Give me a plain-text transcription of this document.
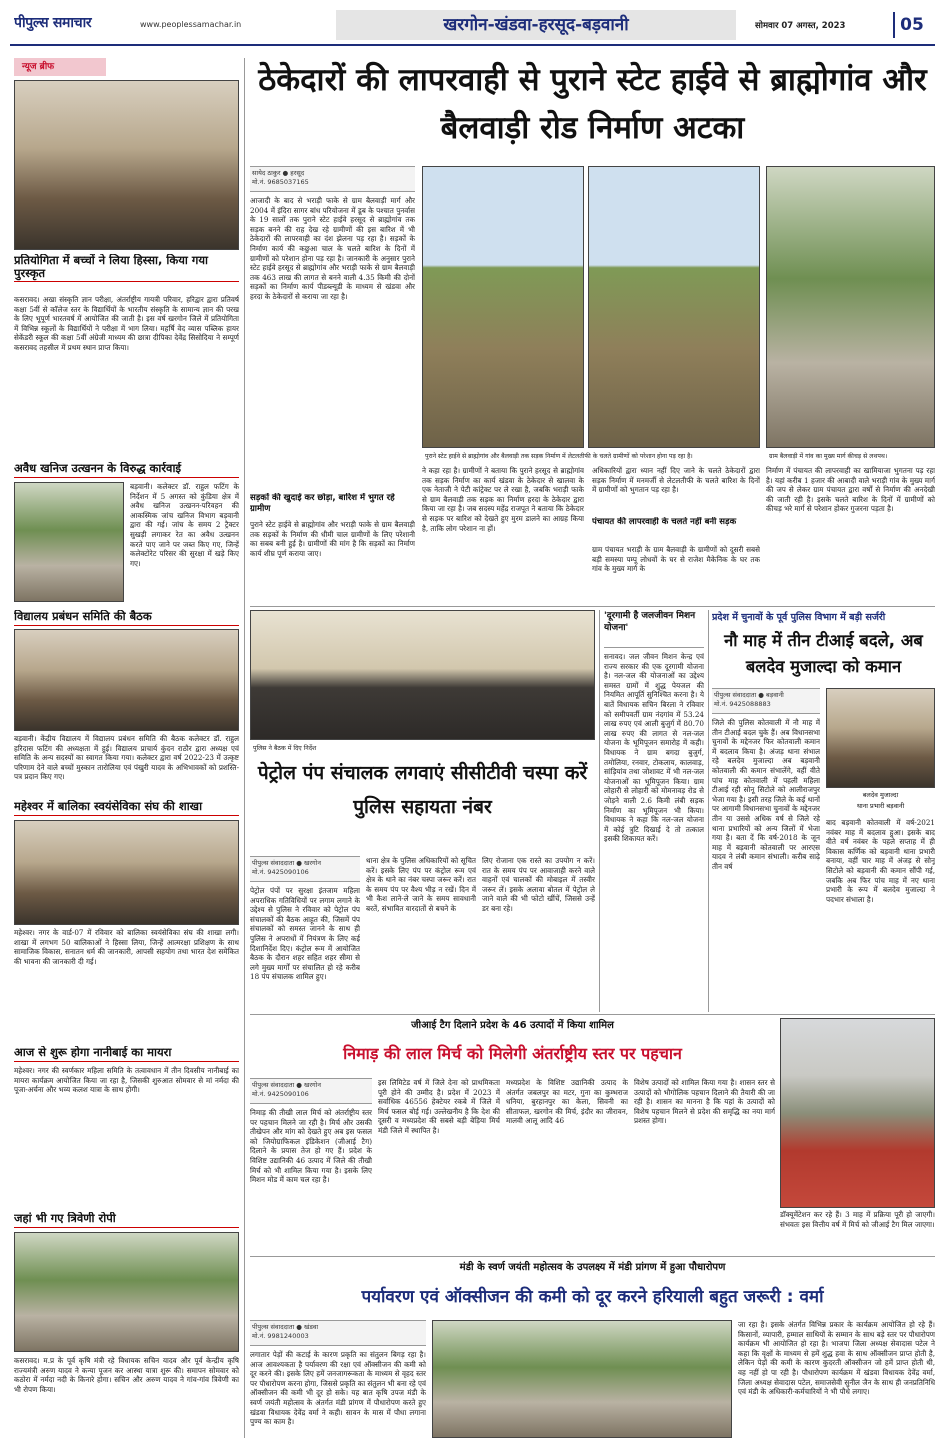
पीपुल्स समाचार	www.peoplessamachar.in	खरगोन-खंडवा-हरसूद-बड़वानी	सोमवार 07 अगस्त, 2023	05
न्यूज ब्रीफ
प्रतियोगिता में बच्चों ने लिया हिस्सा, किया गया पुरस्कृत
कसरावद। अखा संस्कृति ज्ञान परीक्षा, अंतर्राष्ट्रीय गायत्री परिवार, हरिद्वार द्वारा प्रतिवर्ष कक्षा 5वीं से कॉलेज स्तर के विद्यार्थियों के भारतीय संस्कृति के सामान्य ज्ञान की परख के लिए भूपूर्ण भारतवर्ष में आयोजित की जाती है। इस वर्ष खरगोन जिले में प्रतियोगिता में विभिन्न स्कूलों के विद्यार्थियों ने परीक्षा में भाग लिया। महर्षि वेद व्यास पब्लिक हायर सेकेंडरी स्कूल की कक्षा 5वीं अंग्रेजी माध्यम की छात्रा दीपिका देवेंद्र सिसोदिया ने सम्पूर्ण कसरावद तहसील में प्रथम स्थान प्राप्त किया।
अवैध खनिज उत्खनन के विरुद्ध कार्रवाई
बड़वानी। कलेक्टर डॉ. राहुल फटिंग के निर्देशन में 5 अगस्त को कुंडिया क्षेत्र में अवैध खनिज उत्खनन-परिवहन की आकस्मिक जांच खनिज विभाग बड़वानी द्वारा की गई। जांच के समय 2 ट्रैक्टर सुखड़ी लगाकर रेत का अवैध उत्खनन करते पाए जाने पर जब्त किए गए, जिन्हें कलेक्टोरेट परिसर की सुरक्षा में खड़े किए गए।
विद्यालय प्रबंधन समिति की बैठक
बड़वानी। केंद्रीय विद्यालय में विद्यालय प्रबंधन समिति की बैठक कलेक्टर डॉ. राहुल हरिदास फटिंग की अध्यक्षता में हुई। विद्यालय प्राचार्य कुंदन राठौर द्वारा अध्यक्ष एवं समिति के अन्य सदस्यों का स्वागत किया गया। कलेक्टर द्वारा वर्ष 2022-23 में उत्कृष्ट परिणाम देने वाले बच्चों मुस्कान तारोलिया एवं पंखुरी यादव के अभिभावकों को प्रशस्ति-पत्र प्रदान किए गए।
महेश्वर में बालिका स्वयंसेविका संघ की शाखा
महेश्वर। नगर के वार्ड-07 में रविवार को बालिका स्वयंसेविका संघ की शाखा लगी। शाखा में लगभग 50 बालिकाओं ने हिस्सा लिया, जिन्हें आत्मरक्षा प्रशिक्षण के साथ सामाजिक विकास, सनातन धर्म की जानकारी, आपसी सहयोग तथा भारत देश समेकित की भावना की जानकारी दी गई।
आज से शुरू होगा नानीबाई का मायरा
महेश्वर। नगर की स्वर्णकार महिला समिति के तत्वावधान में तीन दिवसीय नानीबाई का मायरा कार्यक्रम आयोजित किया जा रहा है, जिसकी शुरुआत सोमवार से मां नर्मदा की पूजा-अर्चना और भव्य कलश यात्रा के साथ होगी।
जहां भी गए त्रिवेणी रोपी
कसरावद। म.प्र के पूर्व कृषि मंत्री रहे विधायक सचिन यादव और पूर्व केन्द्रीय कृषि राज्यमंत्री अरुण यादव ने कन्या पूजन कर आस्था यात्रा शुरू की। समापन सोमवार को कठोरा में नर्मदा नदी के किनारे होगा। सचिन और अरुण यादव ने गांव-गांव त्रिवेणी का भी रोपण किया।
ठेकेदारों की लापरवाही से पुराने स्टेट हाईवे से ब्राह्मोगांव और बैलवाड़ी रोड निर्माण अटका
सायेद ठाकुर ● हरसूद
मो.नं. 9685037165
आजादी के बाद से भराड़ी फाके से ग्राम बैलवाड़ी मार्ग और 2004 में इंदिरा सागर बांध परियोजना में डूब के पश्चात पुनर्वास के 19 सालों तक पुराने स्टेट हाईवे हरसूद से ब्राह्मोगांव तक सड़क बनने की राह देख रहे ग्रामीणों की इस बारिश में भी ठेकेदारों की लापरवाही का दंश झेलना पड़ रहा है। सड़कों के निर्माण कार्य की कछुआ चाल के चलते बारिश के दिनों में ग्रामीणों को परेशान होना पड़ रहा है। जानकारी के अनुसार पुराने स्टेट हाईवे हरसूद से ब्राह्मोगांव और भराड़ी फाके से ग्राम बैलवाड़ी तक 463 लाख की लागत से बनने वाली 4.35 किमी की दोनों सड़कों का निर्माण कार्य पीडब्ल्यूडी के माध्यम से खंडवा और हरदा के ठेकेदारों से कराया जा रहा है।
सड़कों की खुदाई कर छोड़ा, बारिश में भुगत रहे ग्रामीण
पुराने स्टेट हाईवे से ब्राह्मोगांव और भराड़ी फाके से ग्राम बैलवाड़ी तक सड़कों के निर्माण की धीमी चाल ग्रामीणों के लिए परेशानी का सबब बनी हुई है। ग्रामीणों की मांग है कि सड़कों का निर्माण कार्य शीघ्र पूर्ण कराया जाए।
पुराने स्टेट हाईवे से ब्राह्मोगांव और बैलवाड़ी तक सड़क निर्माण में लेटलतीफी के चलते ग्रामीणों को परेशान होना पड़ रहा है।	ग्राम बैलवाड़ी में गांव का मुख्य मार्ग कीचड़ से लथपथ।
ने कहा रहा है। ग्रामीणों ने बताया कि पुराने हरसूद से ब्राह्मोगांव तक सड़क निर्माण का कार्य खंडवा के ठेकेदार से खालवा के एक नेताजी ने पेटी कांट्रेक्ट पर ले रखा है, जबकि भराड़ी फाके से ग्राम बैलवाड़ी तक सड़क का निर्माण हरदा के ठेकेदार द्वारा किया जा रहा है। जब सदस्य महेंद्र राजपूत ने बताया कि ठेकेदार से सड़क पर बारिश को देखते हुए मुरम डालने का आग्रह किया है, ताकि लोग परेशान ना हों।
अधिकारियों द्वारा ध्यान नहीं दिए जाने के चलते ठेकेदारों द्वारा सड़क निर्माण में मनमर्जी से लेटलतीफी के चलते बारिश के दिनों में ग्रामीणों को भुगतान पड़ रहा है।
पंचायत की लापरवाही के चलते नहीं बनी सड़क
ग्राम पंचायत भराड़ी के ग्राम बैलवाड़ी के ग्रामीणों को दूसरी सबसे बड़ी समस्या पम्पू लोधवों के घर से राजेश मैकेनिक के घर तक गांव के मुख्य मार्ग के
निर्माण में पंचायत की लापरवाही का खामियाजा भुगतना पड़ रहा है। यहां करीब 1 हजार की आबादी वाले भराड़ी गांव के मुख्य मार्ग की जप से लेकर ग्राम पंचायत द्वारा वर्षों से निर्माण की अनदेखी की जाती रही है। इसके चलते बारिश के दिनों में ग्रामीणों को कीचड़ भरे मार्ग से परेशान होकर गुजरना पड़ता है।
पुलिस ने बैठक में दिए निर्देश
पेट्रोल पंप संचालक लगवाएं सीसीटीवी चस्पा करें पुलिस सहायता नंबर
पीपुल्स संवाददाता ● खरगोन
मो.नं. 9425090106
पेट्रोल पंपों पर सुरक्षा इंतजाम महिला अपराधिक गतिविधियों पर लगाम लगाने के उद्देश्य से पुलिस ने रविवार को पेट्रोल पंप संचालकों की बैठक आहूत की, जिसमें पंप संचालकों को समस्त जानने के साथ ही पुलिस ने अपराधों में नियंत्रण के लिए कई दिशानिर्देश दिए। कंट्रोल रूम में आयोजित बैठक के दौरान शहर सहित शहर सीमा से लगे मुख्य मार्गों पर संचालित हो रहे करीब 18 पंप संचालक शामिल हुए।
थाना क्षेत्र के पुलिस अधिकारियों को सूचित करें। इसके लिए पंप पर कंट्रोल रूम एवं क्षेत्र के थाने का नंबर चस्पा जरूर करें। रात के समय पंप पर वैश्य भीड़ न रखें। दिन में भी कैश लाने-ले जाने के समय सावधानी बरतें, संभावित वारदातों से बचने के
लिए रोजाना एक रास्ते का उपयोग न करें। रात के समय पंप पर आवाजाही करने वाले वाहनों एवं चालकों की मोबाइल में तस्वीर जरूर लें। इसके अलावा बोतल में पेट्रोल ले जाने वाले की भी फोटो खींचें, जिससे उन्हें डर बना रहे।
'दूरगामी है जलजीवन मिशन योजना'
सनावद। जल जीवन मिशन केन्द्र एवं राज्य सरकार की एक दूरगामी योजना है। नल-जल की योजनाओं का उद्देश्य समस्त ग्रामों में शुद्ध पेयजल की नियमित आपूर्ति सुनिश्चित करना है। ये बातें विधायक सचिन बिरला ने रविवार को समीपवर्ती ग्राम नंदगांव में 53.24 लाख रुपए एवं आली बुजुर्ग में 80.70 लाख रुपए की लागत से नल-जल योजना के भूमिपूजन समारोह में कही। विधायक ने ग्राम बगदा बुजुर्ग, तमोलिया, रनवार, टोकलाय, कालवाड़, सांड़ियांव तथा जोशावट में भी नल-जल योजनाओं का भूमिपूजन किया। ग्राम लोहारी से लोहारी को मोमनावड़ रोड से जोड़ने वाली 2.6 किमी लंबी सड़क निर्माण का भूमिपूजन भी किया। विधायक ने कहा कि नल-जल योजना में कोई त्रुटि दिखाई दे तो तत्काल इसकी शिकायत करें।
प्रदेश में चुनावों के पूर्व पुलिस विभाग में बड़ी सर्जरी
नौ माह में तीन टीआई बदले, अब बलदेव मुजाल्दा को कमान
पीपुल्स संवाददाता ● बड़वानी
मो.नं. 9425088883
जिले की पुलिस कोतवाली में नौ माह में तीन टीआई बदल चुके हैं। अब विधानसभा चुनावों के मद्देनजर फिर कोतवाली कमान में बदलाव किया है। अंजड़ थाना संभाल रहे बलदेव मुजाल्दा अब बड़वानी कोतवाली की कमान संभालेंगे, वहीं वीते पांच माह कोतवाली में पहली महिला टीआई रही सोनू सिटोले को आलीराजपुर भेजा गया है। इसी तरह जिले के कई थानों पर आगामी विधानसभा चुनावों के मद्देनजर तीन या उससे अधिक वर्ष से जिले रहे थाना प्रभारियों को अन्य जिलों में भेजा गया है। बता दें कि वर्ष-2018 के जून माह में बड़वानी कोतवाली पर आरएस यादव ने लंबी कमान संभाली। करीब साढ़े तीन वर्ष
बलदेव मुजाल्दा
थाना प्रभारी बड़वानी
बाद बड़वानी कोतवाली में वर्ष-2021 नवंबर माह में बदलाव हुआ। इसके बाद वीते वर्ष नवंबर के पहले सप्ताह में ही विकास कर्णिक को बड़वानी थाना प्रभारी बनाया, वहीं चार माह में अंजड़ से सोनू सिटोले को बड़वानी की कमान सौंपी गई, जबकि अब फिर पांच माह में नए थाना प्रभारी के रूप में बलदेव मुजाल्दा ने पदभार संभाला है।
जीआई टैग दिलाने प्रदेश के 46 उत्पादों में किया शामिल
निमाड़ की लाल मिर्च को मिलेगी अंतर्राष्ट्रीय स्तर पर पहचान
पीपुल्स संवाददाता ● खरगोन
मो.नं. 9425090106
निमाड़ की तीखी लाल मिर्च को अंतर्राष्ट्रीय स्तर पर पहचान मिलने जा रही है। मिर्च और उसकी तीखेपन और मांग को देखते हुए अब इस फसल को जियोग्राफिकल इंडिकेशन (जीआई टैग) दिलाने के प्रयास तेज हो गए हैं। प्रदेश के विशिष्ट उद्यानिकी 46 उत्पाद में जिले की तीखी मिर्च को भी शामिल किया गया है। इसके लिए मिशन मोड में काम चल रहा है।
इस लिमिटेड वर्ष में जिले देना को प्राथमिकता पूरी होने की उम्मीद है। प्रदेश में 2023 में सर्वाधिक 46556 हेक्टेयर रकबे में जिले में मिर्च फसल बोई गई। उल्लेखनीय है कि देश की दूसरी व मध्यप्रदेश की सबसे बड़ी बेड़िया मिर्च मंडी जिले में स्थापित है।
मध्यप्रदेश के विशिष्ट उद्यानिकी उत्पाद के अंतर्गत जबलपुर का मटर, गुना का कुम्भराज धनिया, बुरहानपुर का केला, सिवनी का सीताफल, खरगोन की मिर्च, इंदौर का जीरावन, मालवी आलू आदि 46
विशेष उत्पादों को शामिल किया गया है। शासन स्तर से उत्पादों को भौगोलिक पहचान दिलाने की तैयारी की जा रही है। शासन का मानना है कि यहां के उत्पादों को विशेष पहचान मिलने से प्रदेश की समृद्धि का नया मार्ग प्रशस्त होगा।
डॉक्यूमेंटेशन कर रहे हैं। 3 माह में प्रक्रिया पूरी हो जाएगी। संभवतः इस वित्तीय वर्ष में मिर्च को जीआई टैग मिल जाएगा।
मंडी के स्वर्ण जयंती महोत्सव के उपलक्ष्य में मंडी प्रांगण में हुआ पौधारोपण
पर्यावरण एवं ऑक्सीजन की कमी को दूर करने हरियाली बहुत जरूरी : वर्मा
पीपुल्स संवाददाता ● खंडवा
मो.नं. 9981240003
लगातार पेड़ों की कटाई के कारण प्रकृति का संतुलन बिगड़ रहा है। आज आवश्यकता है पर्यावरण की रक्षा एवं ऑक्सीजन की कमी को दूर करने की। इसके लिए हमें जनजागरूकता के माध्यम से वृहद स्तर पर पौधारोपण करना होगा, जिससे प्रकृति का संतुलन भी बना रहे एवं ऑक्सीजन की कमी भी दूर हो सके। यह बात कृषि उपज मंडी के स्वर्ण जयंती महोत्सव के अंतर्गत मंडी प्रांगण में पौधारोपण करते हुए खंडवा विधायक देवेंद्र वर्मा ने कही। सावन के मास में पौधा लगाना पुण्य का काम है।
जा रहा है। इसके अंतर्गत विभिन्न प्रकार के कार्यक्रम आयोजित हो रहे हैं। किसानों, व्यापारी, हम्माल साथियों के सम्मान के साथ बड़े स्तर पर पौधारोपण कार्यक्रम भी आयोजित हो रहा है। भाजपा जिला अध्यक्ष सेवादास पटेल ने कहा कि वृक्षों के माध्यम से हमें शुद्ध हवा के साथ ऑक्सीजन प्राप्त होती है, लेकिन पेड़ों की कमी के कारण कुदरती ऑक्सीजन जो हमें प्राप्त होती थी, वह नहीं हो पा रही है। पौधारोपण कार्यक्रम में खंडवा विधायक देवेंद्र वर्मा, जिला अध्यक्ष सेवादास पटेल, समाजसेवी सुनील जैन के साथ ही जनप्रतिनिधि एवं मंडी के अधिकारी-कर्मचारियों ने भी पौधे लगाए।
